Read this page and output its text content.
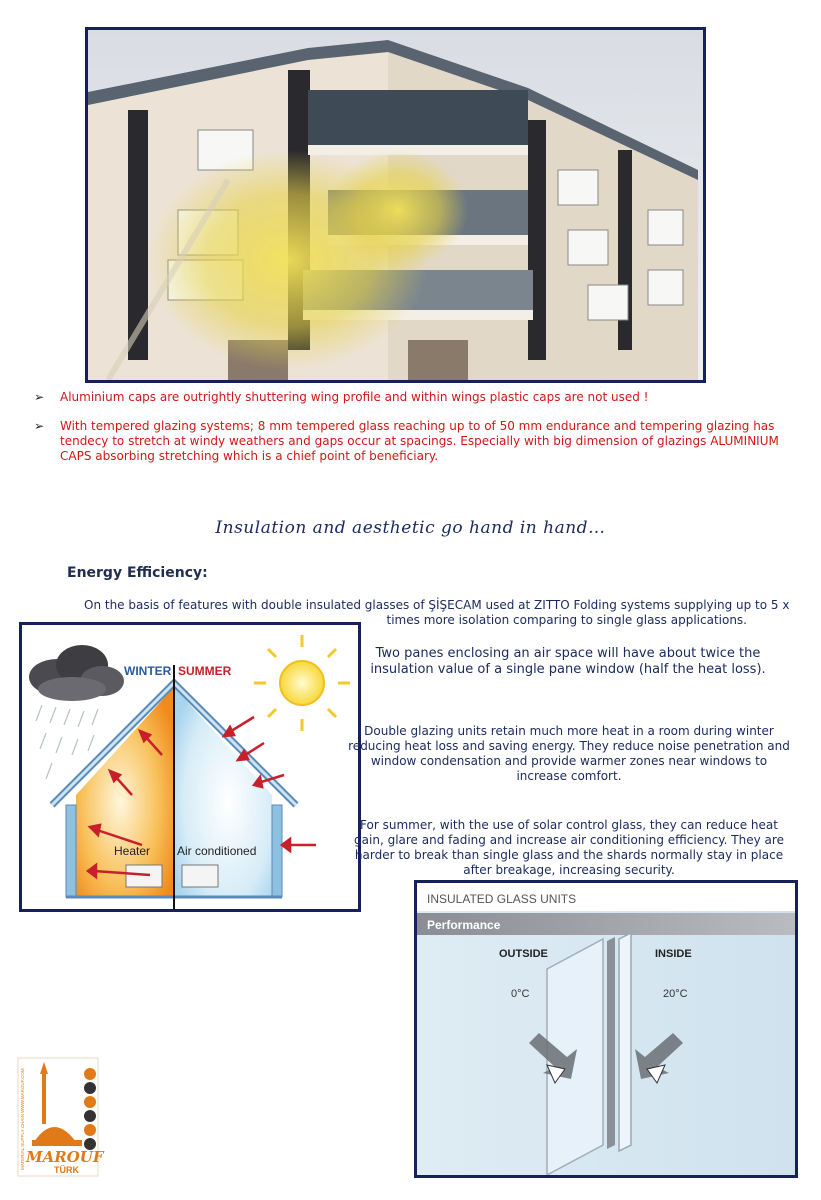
➢ Aluminium caps are outrightly shuttering wing profile and within wings plastic caps are not used !
➢ With tempered glazing systems; 8 mm tempered glass reaching up to of 50 mm endurance and tempering glazing has tendecy to stretch at windy weathers and gaps occur at spacings. Especially with big dimension of glazings ALUMINIUM CAPS absorbing stretching which is a chief point of beneficiary.
Insulation and aesthetic go hand in hand…
Energy Efficiency:
On the basis of features with double insulated glasses of ŞİŞECAM used at ZITTO Folding systems supplying up to 5 x
times more isolation comparing to single glass applications.
WINTER SUMMER
Heater Air conditioned
Two panes enclosing an air space will have about twice the insulation value of a single pane window (half the heat loss).
Double glazing units retain much more heat in a room during winter reducing heat loss and saving energy. They reduce noise penetration and window condensation and provide warmer zones near windows to increase comfort.
For summer, with the use of solar control glass, they can reduce heat gain, glare and fading and increase air conditioning efficiency. They are harder to break than single glass and the shards normally stay in place after breakage, increasing security.
INSULATED GLASS UNITS
Performance
OUTSIDE	INSIDE
0°C	20°C
MAROUF
TÜRK
MATERIAL SUPPLY CHAIN WWW.MAROUF.COM
